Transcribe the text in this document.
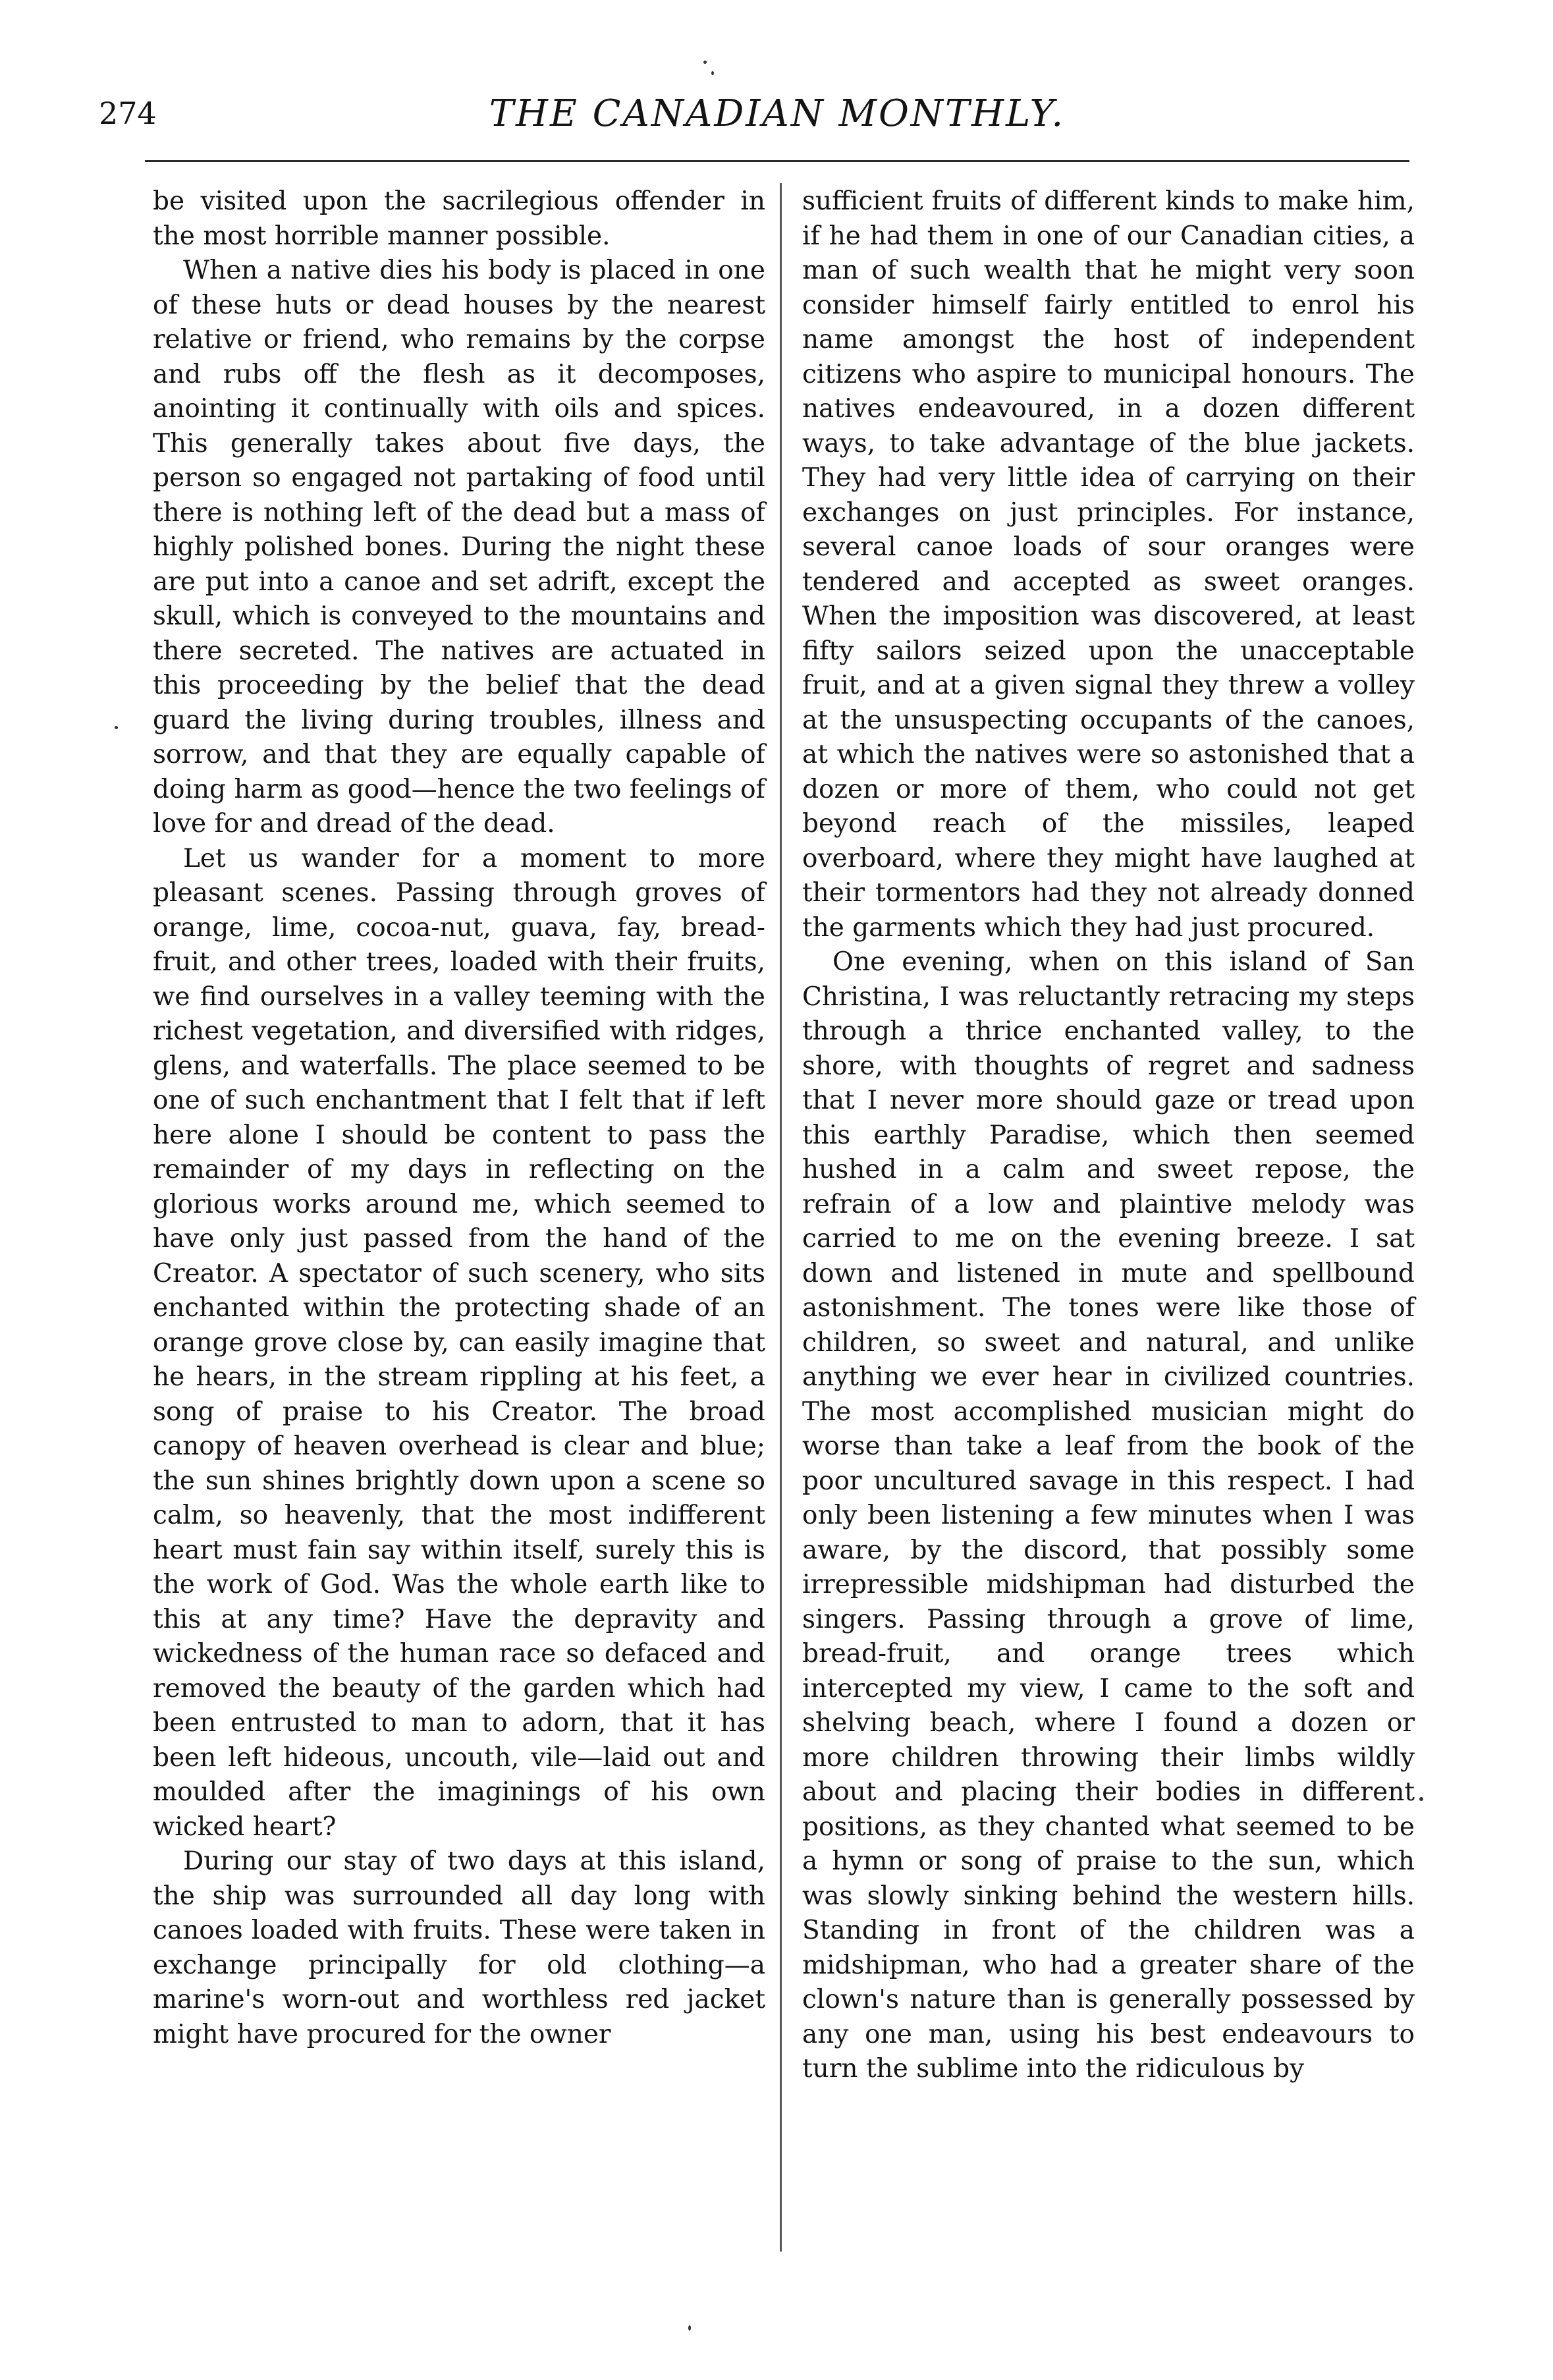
274	THE CANADIAN MONTHLY.

be visited upon the sacrilegious offender in the most horrible manner possible.

When a native dies his body is placed in one of these huts or dead houses by the nearest relative or friend, who remains by the corpse and rubs off the flesh as it decomposes, anointing it continually with oils and spices. This generally takes about five days, the person so engaged not partaking of food until there is nothing left of the dead but a mass of highly polished bones. During the night these are put into a canoe and set adrift, except the skull, which is conveyed to the mountains and there secreted. The natives are actuated in this proceeding by the belief that the dead guard the living during troubles, illness and sorrow, and that they are equally capable of doing harm as good—hence the two feelings of love for and dread of the dead.

Let us wander for a moment to more pleasant scenes. Passing through groves of orange, lime, cocoa-nut, guava, fay, bread-fruit, and other trees, loaded with their fruits, we find ourselves in a valley teeming with the richest vegetation, and diversified with ridges, glens, and waterfalls. The place seemed to be one of such enchantment that I felt that if left here alone I should be content to pass the remainder of my days in reflecting on the glorious works around me, which seemed to have only just passed from the hand of the Creator. A spectator of such scenery, who sits enchanted within the protecting shade of an orange grove close by, can easily imagine that he hears, in the stream rippling at his feet, a song of praise to his Creator. The broad canopy of heaven overhead is clear and blue; the sun shines brightly down upon a scene so calm, so heavenly, that the most indifferent heart must fain say within itself, surely this is the work of God. Was the whole earth like to this at any time? Have the depravity and wickedness of the human race so defaced and removed the beauty of the garden which had been entrusted to man to adorn, that it has been left hideous, uncouth, vile—laid out and moulded after the imaginings of his own wicked heart?

During our stay of two days at this island, the ship was surrounded all day long with canoes loaded with fruits. These were taken in exchange principally for old clothing—a marine's worn-out and worthless red jacket might have procured for the owner

sufficient fruits of different kinds to make him, if he had them in one of our Canadian cities, a man of such wealth that he might very soon consider himself fairly entitled to enrol his name amongst the host of independent citizens who aspire to municipal honours. The natives endeavoured, in a dozen different ways, to take advantage of the blue jackets. They had very little idea of carrying on their exchanges on just principles. For instance, several canoe loads of sour oranges were tendered and accepted as sweet oranges. When the imposition was discovered, at least fifty sailors seized upon the unacceptable fruit, and at a given signal they threw a volley at the unsuspecting occupants of the canoes, at which the natives were so astonished that a dozen or more of them, who could not get beyond reach of the missiles, leaped overboard, where they might have laughed at their tormentors had they not already donned the garments which they had just procured.

One evening, when on this island of San Christina, I was reluctantly retracing my steps through a thrice enchanted valley, to the shore, with thoughts of regret and sadness that I never more should gaze or tread upon this earthly Paradise, which then seemed hushed in a calm and sweet repose, the refrain of a low and plaintive melody was carried to me on the evening breeze. I sat down and listened in mute and spellbound astonishment. The tones were like those of children, so sweet and natural, and unlike anything we ever hear in civilized countries. The most accomplished musician might do worse than take a leaf from the book of the poor uncultured savage in this respect. I had only been listening a few minutes when I was aware, by the discord, that possibly some irrepressible midshipman had disturbed the singers. Passing through a grove of lime, bread-fruit, and orange trees which intercepted my view, I came to the soft and shelving beach, where I found a dozen or more children throwing their limbs wildly about and placing their bodies in different positions, as they chanted what seemed to be a hymn or song of praise to the sun, which was slowly sinking behind the western hills. Standing in front of the children was a midshipman, who had a greater share of the clown's nature than is generally possessed by any one man, using his best endeavours to turn the sublime into the ridiculous by
